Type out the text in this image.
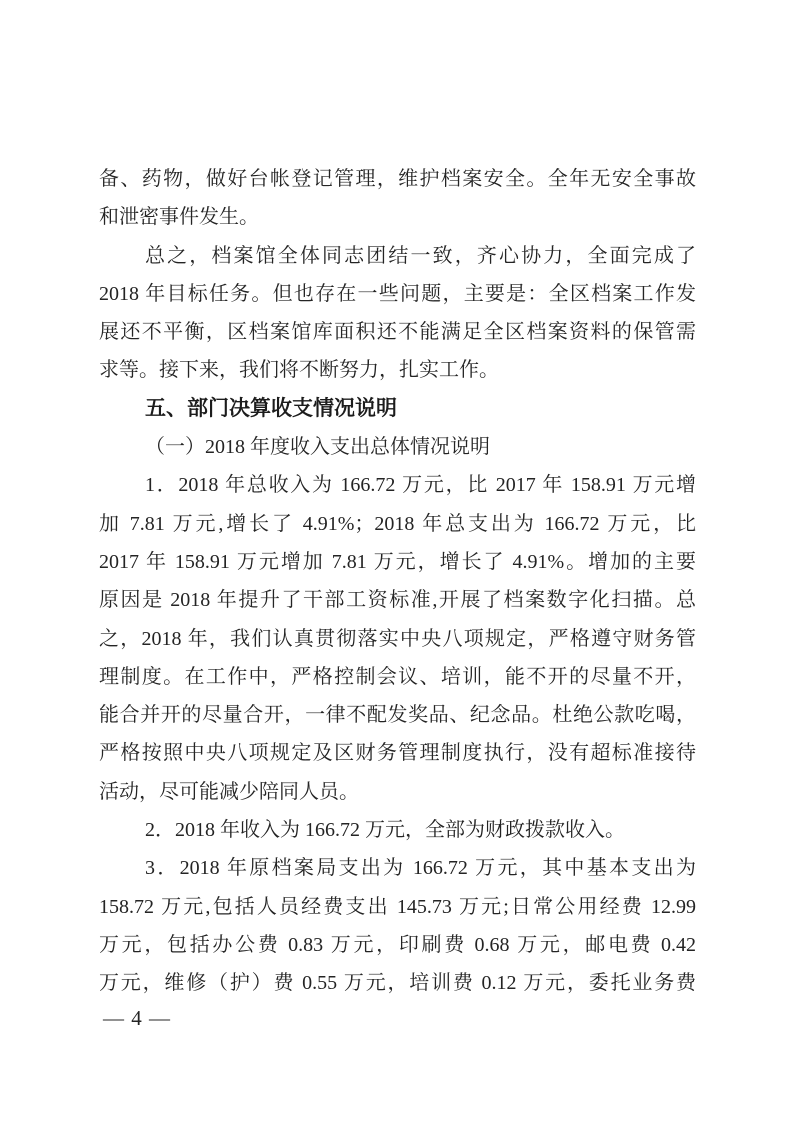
备、药物，做好台帐登记管理，维护档案安全。全年无安全事故
和泄密事件发生。
总之，档案馆全体同志团结一致，齐心协力，全面完成了
2018 年目标任务。但也存在一些问题，主要是：全区档案工作发
展还不平衡，区档案馆库面积还不能满足全区档案资料的保管需
求等。接下来，我们将不断努力，扎实工作。
五、部门决算收支情况说明
（一）2018 年度收入支出总体情况说明
1．2018 年总收入为 166.72 万元，比 2017 年 158.91 万元增
加 7.81 万元,增长了 4.91%；2018 年总支出为 166.72 万元，比
2017 年 158.91 万元增加 7.81 万元，增长了 4.91%。增加的主要
原因是 2018 年提升了干部工资标准,开展了档案数字化扫描。总
之，2018 年，我们认真贯彻落实中央八项规定，严格遵守财务管
理制度。在工作中，严格控制会议、培训，能不开的尽量不开，
能合并开的尽量合开，一律不配发奖品、纪念品。杜绝公款吃喝，
严格按照中央八项规定及区财务管理制度执行，没有超标准接待
活动，尽可能减少陪同人员。
2．2018 年收入为 166.72 万元，全部为财政拨款收入。
3．2018 年原档案局支出为 166.72 万元，其中基本支出为
158.72 万元,包括人员经费支出 145.73 万元;日常公用经费 12.99
万元，包括办公费 0.83 万元，印刷费 0.68 万元，邮电费 0.42
万元，维修（护）费 0.55 万元，培训费 0.12 万元，委托业务费
— 4 —
